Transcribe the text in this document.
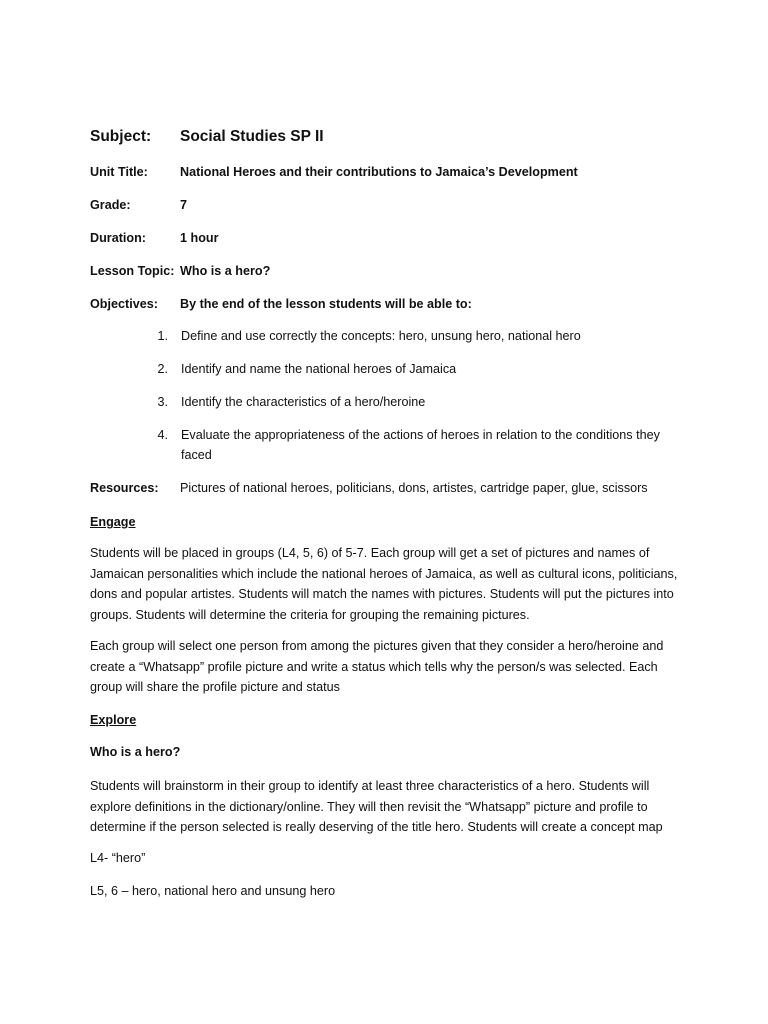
Subject:	Social Studies SP II
Unit Title:	National Heroes and their contributions to Jamaica’s Development
Grade:	7
Duration:	1 hour
Lesson Topic: Who is a hero?
Objectives:	By the end of the lesson students will be able to:
1. Define and use correctly the concepts: hero, unsung hero, national hero
2. Identify and name the national heroes of Jamaica
3. Identify the characteristics of a hero/heroine
4. Evaluate the appropriateness of the actions of heroes in relation to the conditions they faced
Resources:	Pictures of national heroes, politicians, dons, artistes, cartridge paper, glue, scissors
Engage
Students will be placed in groups (L4, 5, 6) of 5-7. Each group will get a set of pictures and names of Jamaican personalities which include the national heroes of Jamaica, as well as cultural icons, politicians, dons and popular artistes. Students will match the names with pictures. Students will put the pictures into groups. Students will determine the criteria for grouping the remaining pictures.
Each group will select one person from among the pictures given that they consider a hero/heroine and create a “Whatsapp” profile picture and write a status which tells why the person/s was selected. Each group will share the profile picture and status
Explore
Who is a hero?
Students will brainstorm in their group to identify at least three characteristics of a hero. Students will explore definitions in the dictionary/online. They will then revisit the “Whatsapp” picture and profile to determine if the person selected is really deserving of the title hero. Students will create a concept map
L4- “hero”
L5, 6 – hero, national hero and unsung hero
